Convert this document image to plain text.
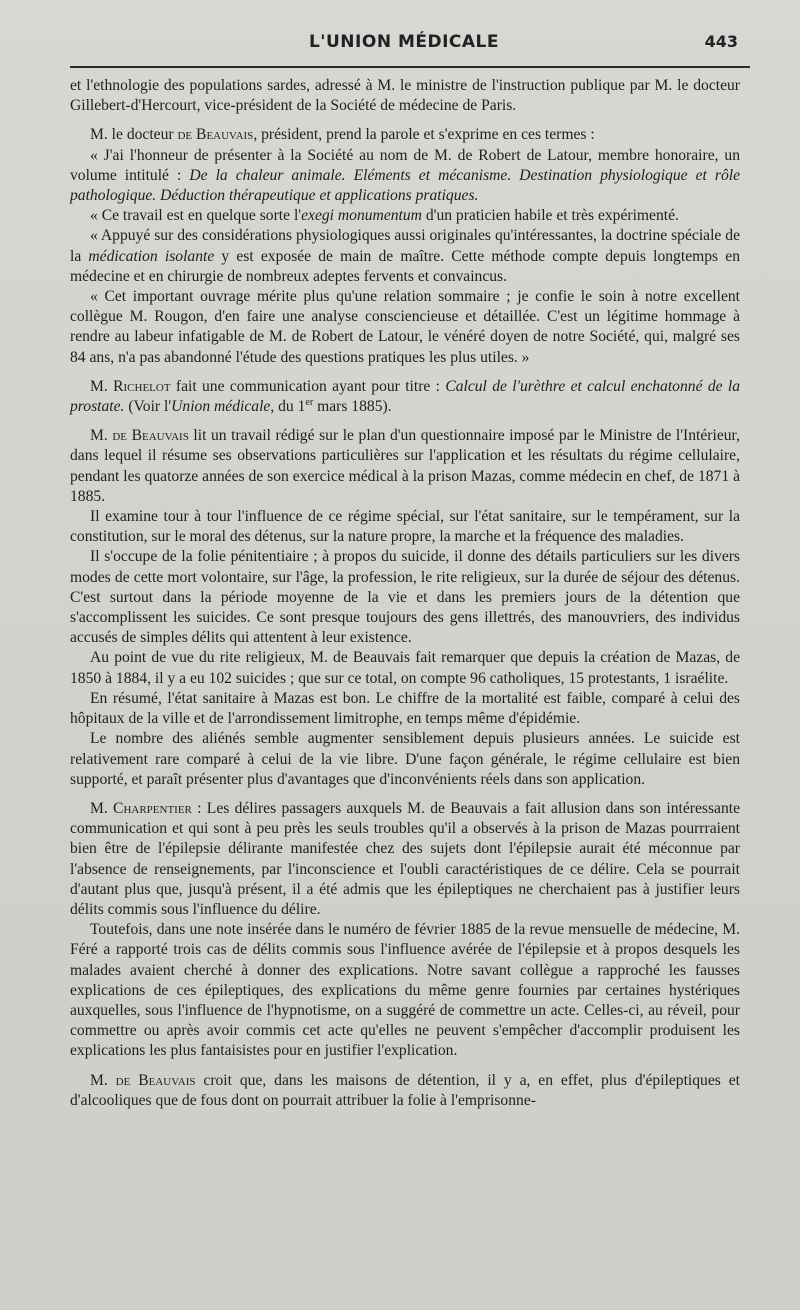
L'UNION MÉDICALE	443

et l'ethnologie des populations sardes, adressé à M. le ministre de l'instruction publique par M. le docteur Gillebert-d'Hercourt, vice-président de la Société de médecine de Paris.

M. le docteur de Beauvais, président, prend la parole et s'exprime en ces termes :

« J'ai l'honneur de présenter à la Société au nom de M. de Robert de Latour, membre honoraire, un volume intitulé : De la chaleur animale. Eléments et mécanisme. Destination physiologique et rôle pathologique. Déduction thérapeutique et applications pratiques.

« Ce travail est en quelque sorte l'exegi monumentum d'un praticien habile et très expérimenté.

« Appuyé sur des considérations physiologiques aussi originales qu'intéressantes, la doctrine spéciale de la médication isolante y est exposée de main de maître. Cette méthode compte depuis longtemps en médecine et en chirurgie de nombreux adeptes fervents et convaincus.

« Cet important ouvrage mérite plus qu'une relation sommaire ; je confie le soin à notre excellent collègue M. Rougon, d'en faire une analyse consciencieuse et détaillée. C'est un légitime hommage à rendre au labeur infatigable de M. de Robert de Latour, le vénéré doyen de notre Société, qui, malgré ses 84 ans, n'a pas abandonné l'étude des questions pratiques les plus utiles. »

M. Richelot fait une communication ayant pour titre : Calcul de l'urèthre et calcul enchatonné de la prostate. (Voir l'Union médicale, du 1er mars 1885).

M. de Beauvais lit un travail rédigé sur le plan d'un questionnaire imposé par le Ministre de l'Intérieur, dans lequel il résume ses observations particulières sur l'application et les résultats du régime cellulaire, pendant les quatorze années de son exercice médical à la prison Mazas, comme médecin en chef, de 1871 à 1885.

Il examine tour à tour l'influence de ce régime spécial, sur l'état sanitaire, sur le tempérament, sur la constitution, sur le moral des détenus, sur la nature propre, la marche et la fréquence des maladies.

Il s'occupe de la folie pénitentiaire ; à propos du suicide, il donne des détails particuliers sur les divers modes de cette mort volontaire, sur l'âge, la profession, le rite religieux, sur la durée de séjour des détenus. C'est surtout dans la période moyenne de la vie et dans les premiers jours de la détention que s'accomplissent les suicides. Ce sont presque toujours des gens illettrés, des manouvriers, des individus accusés de simples délits qui attentent à leur existence.

Au point de vue du rite religieux, M. de Beauvais fait remarquer que depuis la création de Mazas, de 1850 à 1884, il y a eu 102 suicides ; que sur ce total, on compte 96 catholiques, 15 protestants, 1 israélite.

En résumé, l'état sanitaire à Mazas est bon. Le chiffre de la mortalité est faible, comparé à celui des hôpitaux de la ville et de l'arrondissement limitrophe, en temps même d'épidémie.

Le nombre des aliénés semble augmenter sensiblement depuis plusieurs années. Le suicide est relativement rare comparé à celui de la vie libre. D'une façon générale, le régime cellulaire est bien supporté, et paraît présenter plus d'avantages que d'inconvénients réels dans son application.

M. Charpentier : Les délires passagers auxquels M. de Beauvais a fait allusion dans son intéressante communication et qui sont à peu près les seuls troubles qu'il a observés à la prison de Mazas pourrraient bien être de l'épilepsie délirante manifestée chez des sujets dont l'épilepsie aurait été méconnue par l'absence de renseignements, par l'inconscience et l'oubli caractéristiques de ce délire. Cela se pourrait d'autant plus que, jusqu'à présent, il a été admis que les épileptiques ne cherchaient pas à justifier leurs délits commis sous l'influence du délire.

Toutefois, dans une note insérée dans le numéro de février 1885 de la revue mensuelle de médecine, M. Féré a rapporté trois cas de délits commis sous l'influence avérée de l'épilepsie et à propos desquels les malades avaient cherché à donner des explications. Notre savant collègue a rapproché les fausses explications de ces épileptiques, des explications du même genre fournies par certaines hystériques auxquelles, sous l'influence de l'hypnotisme, on a suggéré de commettre un acte. Celles-ci, au réveil, pour commettre ou après avoir commis cet acte qu'elles ne peuvent s'empêcher d'accomplir produisent les explications les plus fantaisistes pour en justifier l'explication.

M. de Beauvais croit que, dans les maisons de détention, il y a, en effet, plus d'épileptiques et d'alcooliques que de fous dont on pourrait attribuer la folie à l'emprisonne-
